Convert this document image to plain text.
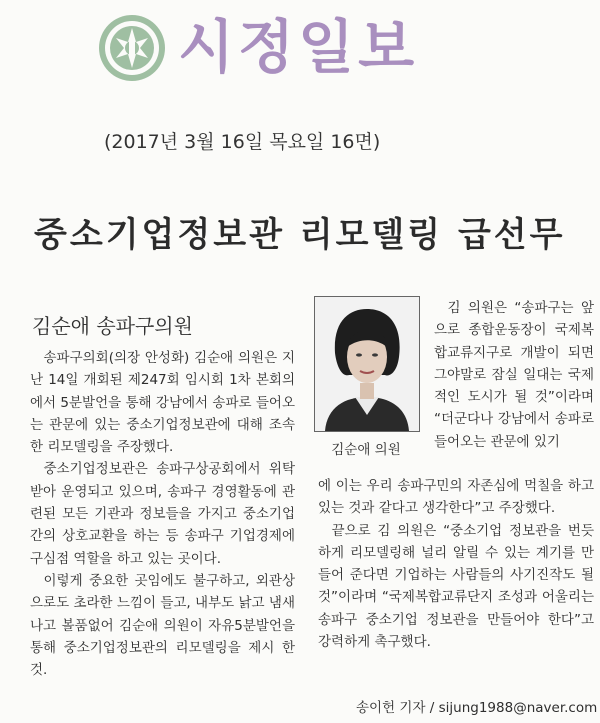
시정일보
(2017년 3월 16일 목요일 16면)
중소기업정보관 리모델링 급선무
김순애 송파구의원

송파구의회(의장 안성화) 김순애 의원은 지난 14일 개회된 제247회 임시회 1차 본회의에서 5분발언을 통해 강남에서 송파로 들어오는 관문에 있는 중소기업정보관에 대해 조속한 리모델링을 주장했다.

중소기업정보관은 송파구상공회에서 위탁받아 운영되고 있으며, 송파구 경영활동에 관련된 모든 기관과 정보들을 가지고 중소기업간의 상호교환을 하는 등 송파구 기업경제에 구심점 역할을 하고 있는 곳이다.

이렇게 중요한 곳임에도 불구하고, 외관상으로도 초라한 느낌이 들고, 내부도 낡고 냄새나고 볼품없어 김순애 의원이 자유5분발언을 통해 중소기업정보관의 리모델링을 제시 한 것.

김순애 의원

김 의원은 “송파구는 앞으로 종합운동장이 국제복합교류지구로 개발이 되면 그야말로 잠실 일대는 국제적인 도시가 될 것”이라며 “더군다나 강남에서 송파로 들어오는 관문에 있기

에 이는 우리 송파구민의 자존심에 먹칠을 하고 있는 것과 같다고 생각한다”고 주장했다.

끝으로 김 의원은 “중소기업 정보관을 번듯하게 리모델링해 널리 알릴 수 있는 계기를 만들어 준다면 기업하는 사람들의 사기진작도 될 것”이라며 “국제복합교류단지 조성과 어울리는 송파구 중소기업 정보관을 만들어야 한다”고 강력하게 촉구했다.

송이헌 기자 / sijung1988@naver.com
